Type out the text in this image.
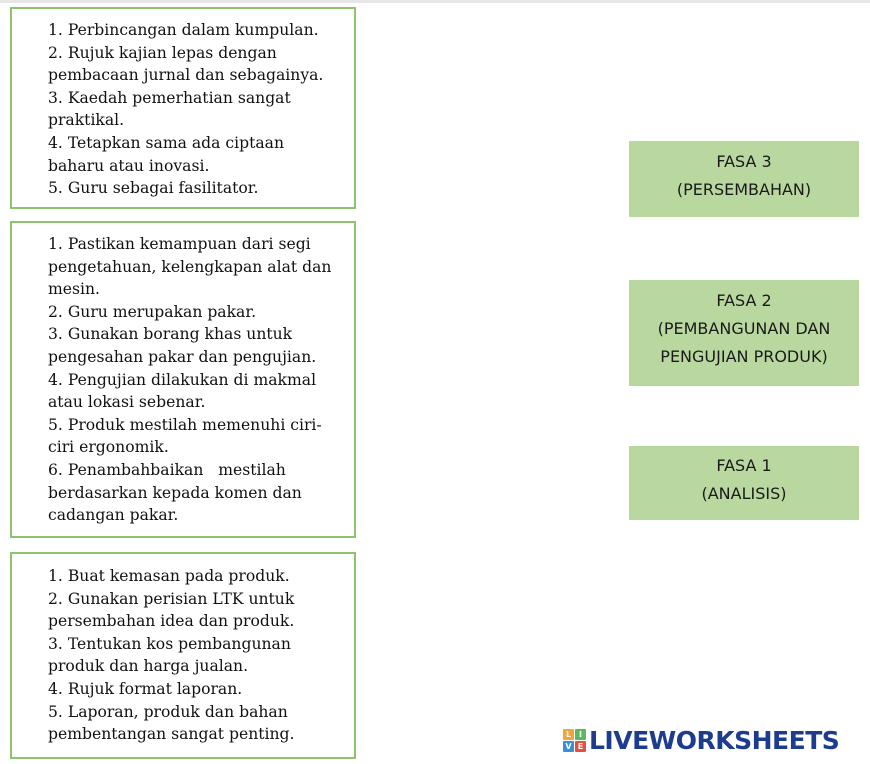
1. Perbincangan dalam kumpulan.
2. Rujuk kajian lepas dengan pembacaan jurnal dan sebagainya.
3. Kaedah pemerhatian sangat praktikal.
4. Tetapkan sama ada ciptaan baharu atau inovasi.
5. Guru sebagai fasilitator.

1. Pastikan kemampuan dari segi pengetahuan, kelengkapan alat dan mesin.
2. Guru merupakan pakar.
3. Gunakan borang khas untuk pengesahan pakar dan pengujian.
4. Pengujian dilakukan di makmal atau lokasi sebenar.
5. Produk mestilah memenuhi ciri-ciri ergonomik.
6. Penambahbaikan   mestilah berdasarkan kepada komen dan cadangan pakar.

1. Buat kemasan pada produk.
2. Gunakan perisian LTK untuk persembahan idea dan produk.
3. Tentukan kos pembangunan produk dan harga jualan.
4. Rujuk format laporan.
5. Laporan, produk dan bahan pembentangan sangat penting.

FASA 3
(PERSEMBAHAN)
FASA 2
(PEMBANGUNAN DAN
PENGUJIAN PRODUK)
FASA 1
(ANALISIS)
L I
V E LIVEWORKSHEETS
